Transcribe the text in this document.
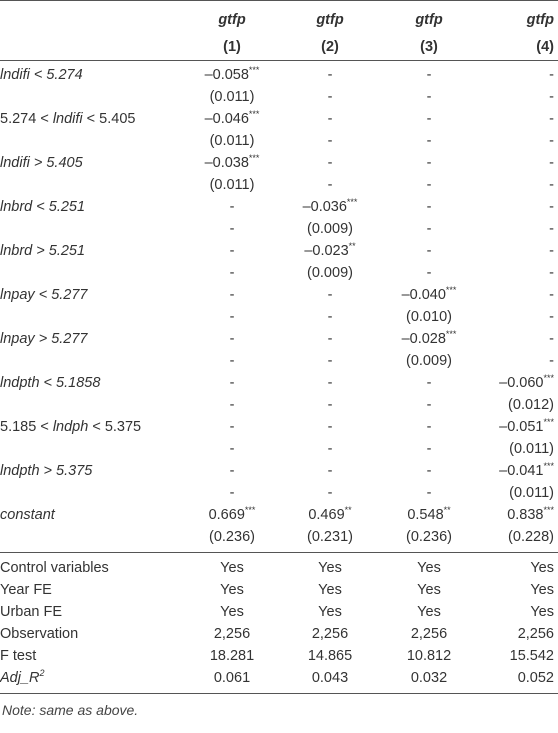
	gtfp	gtfp	gtfp	gtfp
	(1)	(2)	(3)	(4)
lndifi < 5.274	–0.058***	-	-	-
	(0.011)	-	-	-
5.274 < lndifi < 5.405	–0.046***	-	-	-
	(0.011)	-	-	-
lndifi > 5.405	–0.038***	-	-	-
	(0.011)	-	-	-
lnbrd < 5.251	-	–0.036***	-	-
	-	(0.009)	-	-
lnbrd > 5.251	-	–0.023**	-	-
	-	(0.009)	-	-
lnpay < 5.277	-	-	–0.040***	-
	-	-	(0.010)	-
lnpay > 5.277	-	-	–0.028***	-
	-	-	(0.009)	-
lndpth < 5.1858	-	-	-	–0.060***
	-	-	-	(0.012)
5.185 < lndph < 5.375	-	-	-	–0.051***
	-	-	-	(0.011)
lndpth > 5.375	-	-	-	–0.041***
	-	-	-	(0.011)
constant	0.669***	0.469**	0.548**	0.838***
	(0.236)	(0.231)	(0.236)	(0.228)
Control variables	Yes	Yes	Yes	Yes
Year FE	Yes	Yes	Yes	Yes
Urban FE	Yes	Yes	Yes	Yes
Observation	2,256	2,256	2,256	2,256
F test	18.281	14.865	10.812	15.542
$Adj\_R^2$	0.061	0.043	0.032	0.052
Note: same as above.
